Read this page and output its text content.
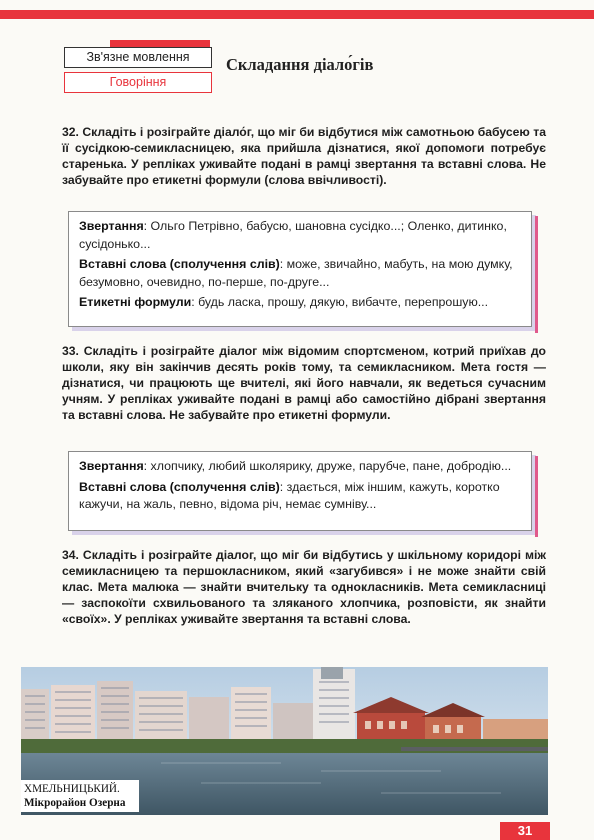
Зв'язне мовлення
Говоріння
Складання діало́гів
32. Складіть і розіграйте діало́г, що міг би відбутися між самотньою бабусею та її сусідкою-семикласницею, яка прийшла дізнатися, якої допомоги потребує старенька. У репліках уживайте подані в рамці звертання та вставні слова. Не забувайте про етикетні формули (слова ввічливості).

Звертання: Ольго Петрівно, бабусю, шановна сусідко...; Оленко, дитинко, сусідонько...

Вставні слова (сполучення слів): може, звичайно, мабуть, на мою думку, безумовно, очевидно, по-перше, по-друге...

Етикетні формули: будь ласка, прошу, дякую, вибачте, перепрошую...

33. Складіть і розіграйте діалог між відомим спортсменом, котрий приїхав до школи, яку він закінчив десять років тому, та семикласником. Мета гостя — дізнатися, чи працюють ще вчителі, які його навчали, як ведеться сучасним учням. У репліках уживайте подані в рамці або самостійно дібрані звертання та вставні слова. Не забувайте про етикетні формули.

Звертання: хлопчику, любий школярику, друже, парубче, пане, добродію...

Вставні слова (сполучення слів): здається, між іншим, кажуть, коротко кажучи, на жаль, певно, відома річ, немає сумніву...

34. Складіть і розіграйте діалог, що міг би відбутись у шкільному коридорі між семикласницею та першокласником, який «загубився» і не може знайти свій клас. Мета малюка — знайти вчительку та однокласників. Мета семикласниці — заспокоїти схвильованого та зляканого хлопчика, розповісти, як знайти «своїх». У репліках уживайте звертання та вставні слова.
ХМЕЛЬНИЦЬКИЙ.
Мікрорайон Озерна
31
